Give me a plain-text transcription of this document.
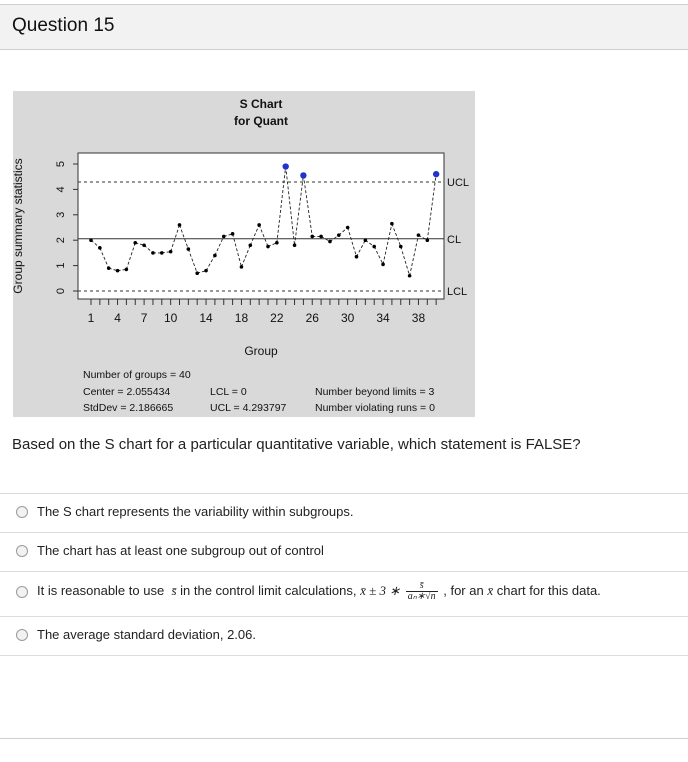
Question 15
S Chart
for Quant
0
1
2
3
4
5
1 4 7 10 14 18 22 26 30 34 38
UCL
CL
LCL
Group summary statistics
Group
Number of groups = 40
Center = 2.055434
StdDev = 2.186665
LCL = 0
UCL = 4.293797
Number beyond limits = 3
Number violating runs = 0
Based on the S chart for a particular quantitative variable, which statement is FALSE?
The S chart represents the variability within subgroups.
The chart has at least one subgroup out of control
It is reasonable to use s̄ in the control limit calculations, x̄ ± 3 ∗ $\frac{s̄}{\text{aₙ∗√n}}$ , for an x̄ chart for this data.
The average standard deviation, 2.06.
